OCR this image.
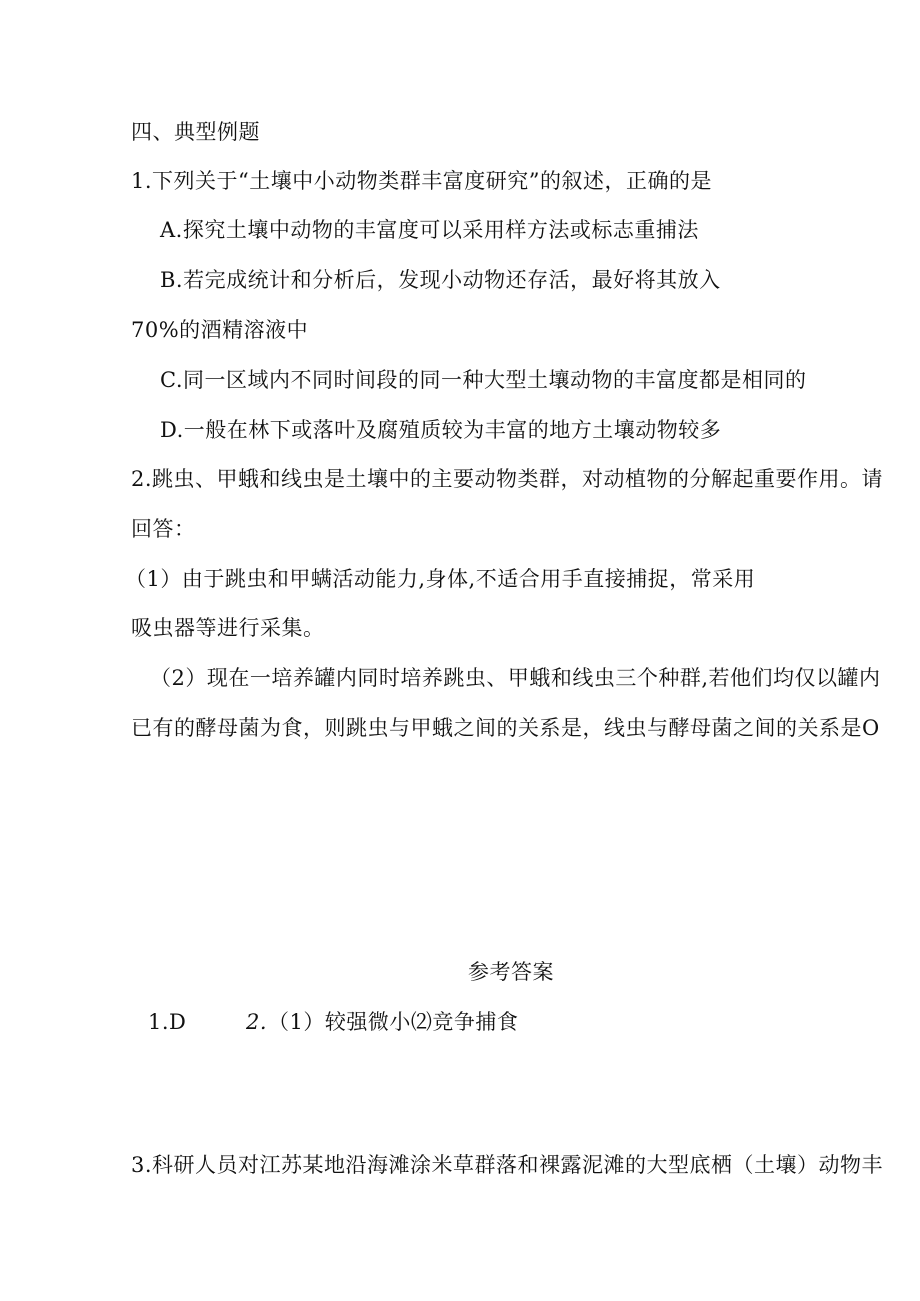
四、典型例题
1.下列关于“土壤中小动物类群丰富度研究”的叙述，正确的是
A.探究土壤中动物的丰富度可以采用样方法或标志重捕法
B.若完成统计和分析后，发现小动物还存活，最好将其放入
70%的酒精溶液中
C.同一区域内不同时间段的同一种大型土壤动物的丰富度都是相同的
D.一般在林下或落叶及腐殖质较为丰富的地方土壤动物较多
2.跳虫、甲蛾和线虫是土壤中的主要动物类群，对动植物的分解起重要作用。请
回答：
（1）由于跳虫和甲螨活动能力,身体,不适合用手直接捕捉，常采用
吸虫器等进行采集。
（2）现在一培养罐内同时培养跳虫、甲蛾和线虫三个种群,若他们均仅以罐内
已有的酵母菌为食，则跳虫与甲蛾之间的关系是，线虫与酵母菌之间的关系是O
参考答案
1.D	2. （1）较强微小⑵竞争捕食
3.科研人员对江苏某地沿海滩涂米草群落和裸露泥滩的大型底栖（土壤）动物丰
